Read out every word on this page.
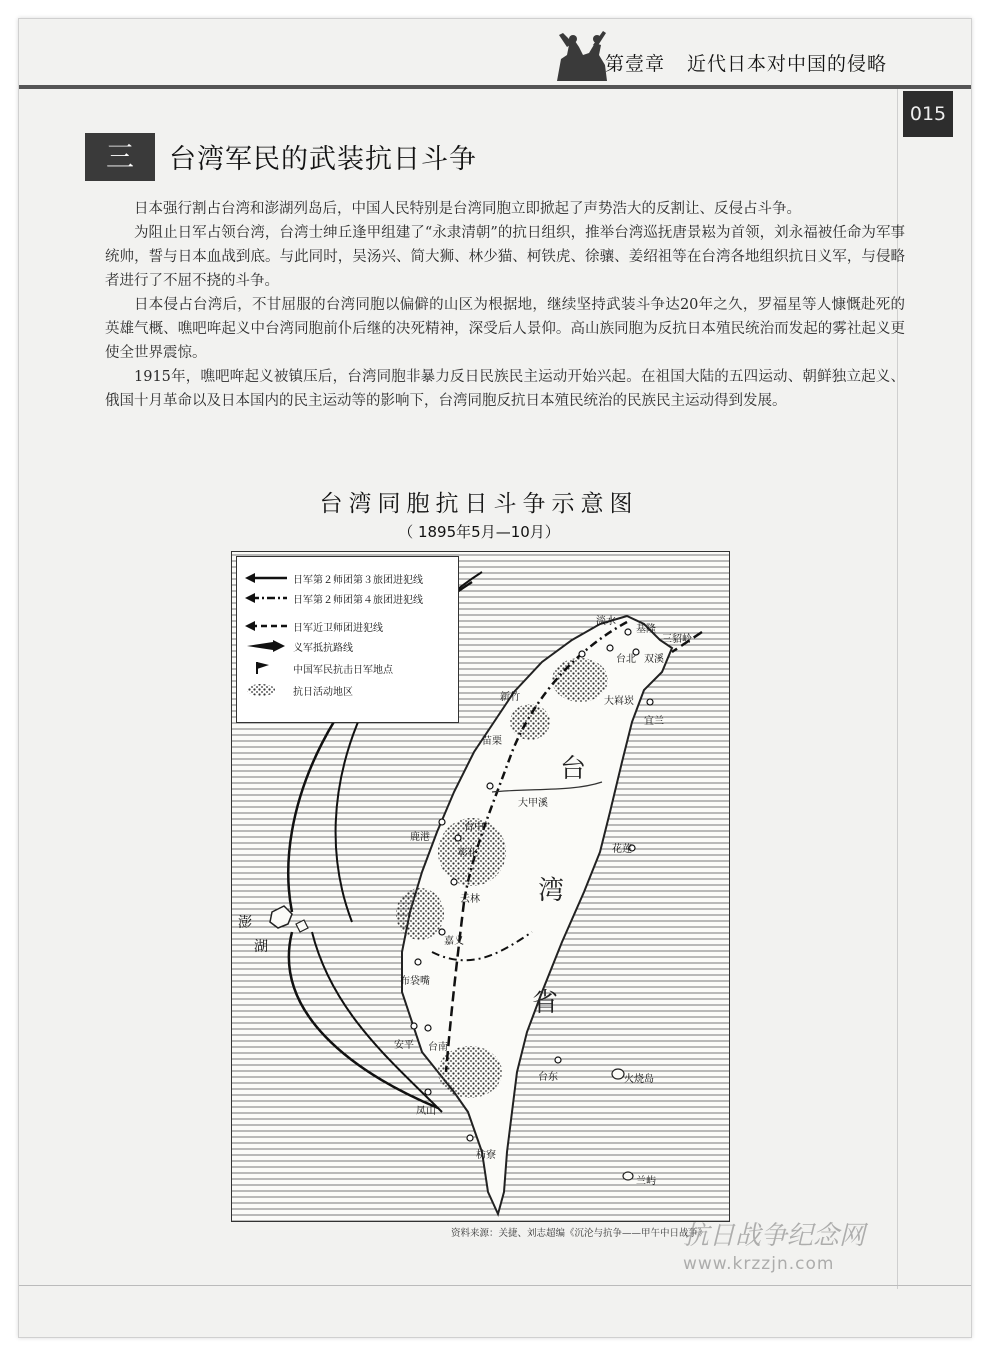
第壹章 近代日本对中国的侵略
015
三	台湾军民的武装抗日斗争

日本强行割占台湾和澎湖列岛后，中国人民特别是台湾同胞立即掀起了声势浩大的反割让、反侵占斗争。

为阻止日军占领台湾，台湾士绅丘逢甲组建了“永隶清朝”的抗日组织，推举台湾巡抚唐景崧为首领，刘永福被任命为军事统帅，誓与日本血战到底。与此同时，吴汤兴、简大狮、林少猫、柯铁虎、徐骧、姜绍祖等在台湾各地组织抗日义军，与侵略者进行了不屈不挠的斗争。

日本侵占台湾后，不甘屈服的台湾同胞以偏僻的山区为根据地，继续坚持武装斗争达20年之久，罗福星等人慷慨赴死的英雄气概、噍吧哖起义中台湾同胞前仆后继的决死精神，深受后人景仰。高山族同胞为反抗日本殖民统治而发起的雾社起义更使全世界震惊。

1915年，噍吧哖起义被镇压后，台湾同胞非暴力反日民族民主运动开始兴起。在祖国大陆的五四运动、朝鲜独立起义、俄国十月革命以及日本国内的民主运动等的影响下，台湾同胞反抗日本殖民统治的民族民主运动得到发展。

台湾同胞抗日斗争示意图
（ 1895年5月—10月）
日军第２师团第３旅团进犯线
日军第２师团第４旅团进犯线
日军近卫师团进犯线
义军抵抗路线
中国军民抗击日军地点
抗日活动地区
台
湾
省
淡水
基隆
三貂岭
台北 双溪
新竹	大嵙崁
宜兰
苗栗
大甲溪
台中
鹿港
彰化	花莲
云林
澎
湖	嘉义
布袋嘴
安平 台南
台东	火烧岛
凤山
枋寮
兰屿
资料来源：关捷、刘志超编《沉沦与抗争——甲午中日战争》
抗日战争纪念网
www.krzzjn.com
